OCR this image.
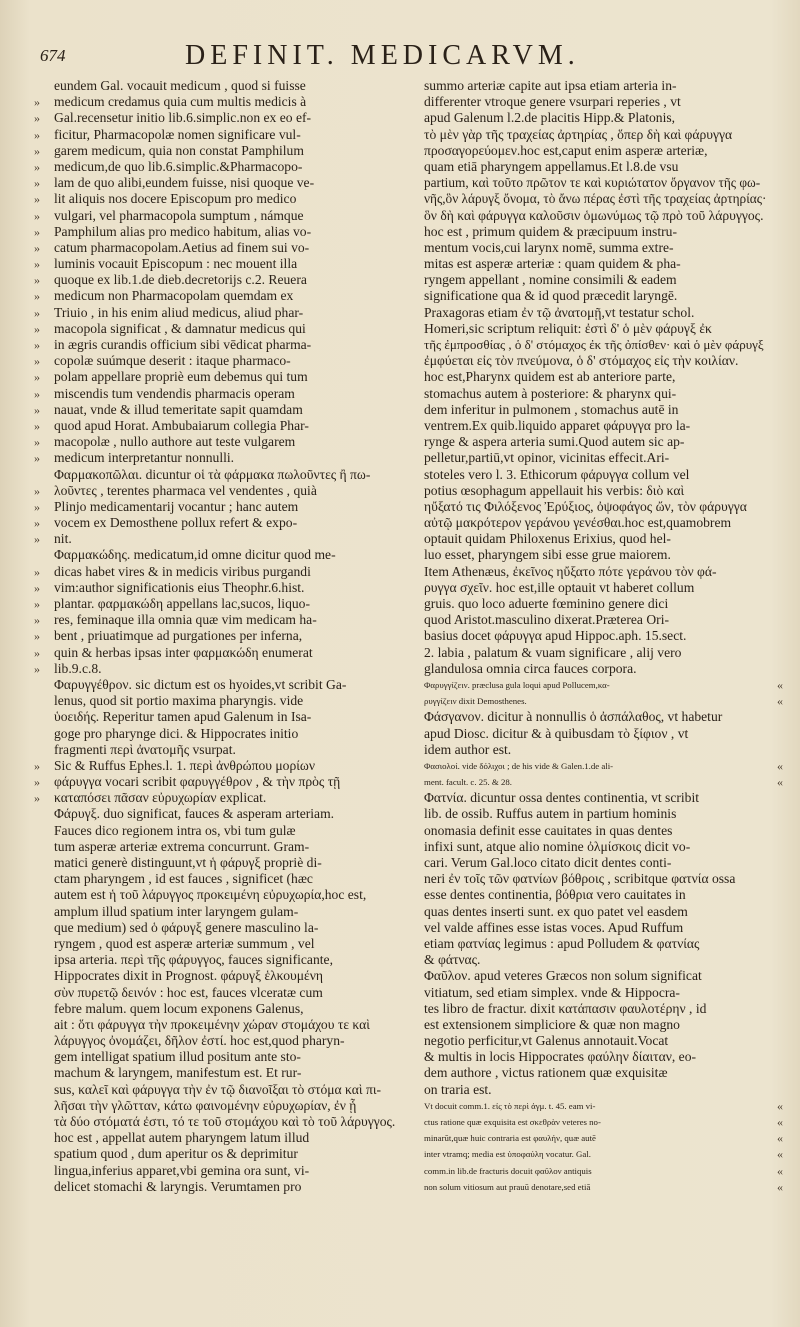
674	DEFINIT. MEDICARVM.
eundem Gal. vocauit medicum , quod si fuisse
» medicum credamus quia cum multis medicis à
» Gal.recensetur initio lib.6.simplic.non ex eo ef-
» ficitur, Pharmacopolæ nomen significare vul-
» garem medicum, quia non constat Pamphilum
» medicum,de quo lib.6.simplic.&Pharmacopo-
» lam de quo alibi,eundem fuisse, nisi quoque ve-
» lit aliquis nos docere Episcopum pro medico
» vulgari, vel pharmacopola sumptum , námque
» Pamphilum alias pro medico habitum, alias vo-
» catum pharmacopolam.Aetius ad finem sui vo-
» luminis vocauit Episcopum : nec mouent illa
» quoque ex lib.1.de dieb.decretorijs c.2. Reuera
» medicum non Pharmacopolam quemdam ex
» Triuio , in his enim aliud medicus, aliud phar-
» macopola significat , & damnatur medicus qui
» in ægris curandis officium sibi vēdicat pharma-
» copolæ suúmque deserit : itaque pharmaco-
» polam appellare propriè eum debemus qui tum
» miscendis tum vendendis pharmacis operam
» nauat, vnde & illud temeritate sapit quamdam
» quod apud Horat. Ambubaiarum collegia Phar-
» macopolæ , nullo authore aut teste vulgarem
» medicum interpretantur nonnulli.
Φαρμακοπῶλαι. dicuntur οἱ τὰ φάρμακα πωλοῦντες ἢ πω-
» λοῦντες , terentes pharmaca vel vendentes , quià
» Plinjo medicamentarij vocantur ; hanc autem
» vocem ex Demosthene pollux refert & expo-
» nit.
Φαρμακώδης. medicatum,id omne dicitur quod me-
» dicas habet vires & in medicis viribus purgandi
» vim:author significationis eius Theophr.6.hist.
» plantar. φαρμακώδη appellans lac,sucos, liquo-
» res, feminaque illa omnia quæ vim medicam ha-
» bent , priuatimque ad purgationes per inferna,
» quin & herbas ipsas inter φαρμακώδη enumerat
» lib.9.c.8.
Φαρυγγέθρον. sic dictum est os hyoides,vt scribit Ga-
lenus, quod sit portio maxima pharyngis. vide
ὑοειδής. Reperitur tamen apud Galenum in Isa-
goge pro pharynge dici. & Hippocrates initio
fragmenti περὶ ἀνατομῆς vsurpat.
» Sic & Ruffus Ephes.l. 1. περὶ ἀνθρώπου μορίων
» φάρυγγα vocari scribit φαρυγγέθρον , & τὴν πρὸς τῇ
» καταπόσει πᾶσαν εὐρυχωρίαν explicat.
Φάρυγξ. duo significat, fauces & asperam arteriam.
Fauces dico regionem intra os, vbi tum gulæ
tum asperæ arteriæ extrema concurrunt. Gram-
matici generè distinguunt,vt ἡ φάρυγξ propriè di-
ctam pharyngem , id est fauces , significet (hæc
autem est ἡ τοῦ λάρυγγος προκειμένη εὐρυχωρία,hoc est,
amplum illud spatium inter laryngem gulam-
que medium) sed ὁ φάρυγξ genere masculino la-
ryngem , quod est asperæ arteriæ summum , vel
ipsa arteria. περὶ τῆς φάρυγγος, fauces significante,
Hippocrates dixit in Prognost. φάρυγξ ἑλκουμένη
σὺν πυρετῷ δεινόν : hoc est, fauces vlceratæ cum
febre malum. quem locum exponens Galenus,
ait : ὅτι φάρυγγα τὴν προκειμένην χώραν στομάχου τε καὶ
λάρυγγος ὀνομάζει, δῆλον ἐστί. hoc est,quod pharyn-
gem intelligat spatium illud positum ante sto-
machum & laryngem, manifestum est. Et rur-
sus, καλεῖ καὶ φάρυγγα τὴν ἐν τῷ διανοῖξαι τὸ στόμα καὶ πι-
λῆσαι τὴν γλῶτταν, κάτω φαινομένην εὐρυχωρίαν, ἐν ᾗ
τὰ δύο στόματά ἐστι, τό τε τοῦ στομάχου καὶ τὸ τοῦ λάρυγγος.
hoc est , appellat autem pharyngem latum illud
spatium quod , dum aperitur os & deprimitur
lingua,inferius apparet,vbi gemina ora sunt, vi-
delicet stomachi & laryngis. Verumtamen pro
summo arteriæ capite aut ipsa etiam arteria in-
differenter vtroque genere vsurpari reperies , vt
apud Galenum l.2.de placitis Hipp.& Platonis,
τὸ μὲν γὰρ τῆς τραχείας ἀρτηρίας , ὅπερ δὴ καὶ φάρυγγα
προσαγορεύομεν.hoc est,caput enim asperæ arteriæ,
quam etiā pharyngem appellamus.Et l.8.de vsu
partium, καὶ τοῦτο πρῶτον τε καὶ κυριώτατον ὄργανον τῆς φω-
νῆς,ὃν λάρυγξ ὄνομα, τὸ ἄνω πέρας ἐστὶ τῆς τραχείας ἀρτηρίας·
ὃν δὴ καὶ φάρυγγα καλοῦσιν ὁμωνύμως τῷ πρὸ τοῦ λάρυγγος.
hoc est , primum quidem & præcipuum instru-
mentum vocis,cui larynx nomē, summa extre-
mitas est asperæ arteriæ : quam quidem & pha-
ryngem appellant , nomine consimili & eadem
significatione qua & id quod præcedit laryngē.
Praxagoras etiam ἐν τῷ ἀνατομῇ,vt testatur schol.
Homeri,sic scriptum reliquit: ἐστὶ δ' ὁ μὲν φάρυγξ ἐκ
τῆς ἐμπροσθίας , ὁ δ' στόμαχος ἐκ τῆς ὀπίσθεν· καὶ ὁ μὲν φάρυγξ
ἐμφύεται εἰς τὸν πνεύμονα, ὁ δ' στόμαχος εἰς τὴν κοιλίαν.
hoc est,Pharynx quidem est ab anteriore parte,
stomachus autem à posteriore: & pharynx qui-
dem inferitur in pulmonem , stomachus autē in
ventrem.Ex quib.liquido apparet φάρυγγα pro la-
rynge & aspera arteria sumi.Quod autem sic ap-
pelletur,partiū,vt opinor, vicinitas effecit.Ari-
stoteles vero l. 3. Ethicorum φάρυγγα collum vel
potius œsophagum appellauit his verbis: διὸ καὶ
ηὔξατό τις Φιλόξενος Ἐρύξιος, ὀψοφάγος ὤν, τὸν φάρυγγα
αὐτῷ μακρότερον γεράνου γενέσθαι.hoc est,quamobrem
optauit quidam Philoxenus Erixius, quod hel-
luo esset, pharyngem sibi esse grue maiorem.
Item Athenæus, ἐκεῖνος ηὔξατο πότε γεράνου τὸν φά-
ρυγγα σχεῖν. hoc est,ille optauit vt haberet collum
gruis. quo loco aduerte fœminino genere dici
quod Aristot.masculino dixerat.Præterea Ori-
basius docet φάρυγγα apud Hippoc.aph. 15.sect.
2. labia , palatum & vuam significare , alij vero
glandulosa omnia circa fauces corpora.
Φαρυγγίζειν. præclusa gula loqui apud Pollucem,κα-	«
ρυγγίζειν dixit Demosthenes.	«
Φάσγανον. dicitur à nonnullis ὁ ἀσπάλαθος, vt habetur
apud Diosc. dicitur & à quibusdam τὸ ξίφιον , vt
idem author est.
Φασιολοί. vide δόλιχοι ; de his vide & Galen.1.de ali-	«
ment. facult. c. 25. & 28.	«
Φατνία. dicuntur ossa dentes continentia, vt scribit
lib. de ossib. Ruffus autem in partium hominis
onomasia definit esse cauitates in quas dentes
infixi sunt, atque alio nomine ὀλμίσκοις dicit vo-
cari. Verum Gal.loco citato dicit dentes conti-
neri ἐν τοῖς τῶν φατνίων βόθροις , scribitque φατνία ossa
esse dentes continentia, βόθρια vero cauitates in
quas dentes inserti sunt. ex quo patet vel easdem
vel valde affines esse istas voces. Apud Ruffum
etiam φατνίας legimus : apud Polludem & φατνίας
& φάτνας.
Φαῦλον. apud veteres Græcos non solum significat
vitiatum, sed etiam simplex. vnde & Hippocra-
tes libro de fractur. dixit κατάπασιν φαυλοτέρην , id
est extensionem simpliciore & quæ non magno
negotio perficitur,vt Galenus annotauit.Vocat
& multis in locis Hippocrates φαύλην δίαιταν, eo-
dem authore , victus rationem quæ exquisitæ
on traria est.
Vt docuit comm.1. εἰς τὸ περὶ ἀγμ. t. 45. eam vi-	«
ctus ratione quæ exquisita est σκεθρὰν veteres no-	«
minarūt,quæ huic contraria est φαυλήν, quæ autē	«
inter vtramq; media est ὑποφαύλη vocatur. Gal.	«
comm.in lib.de fracturis docuit φαῦλον antiquis	«
non solum vitiosum aut prauū denotare,sed etiā	«
